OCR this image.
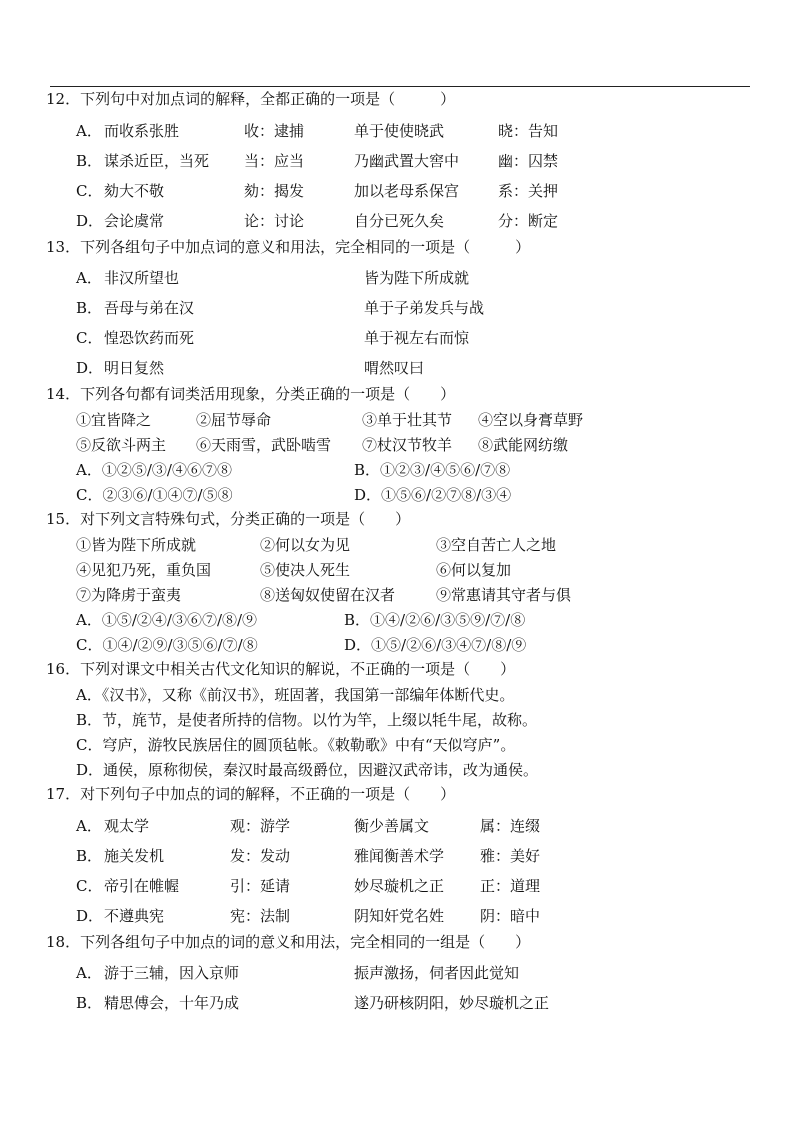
12．下列句中对加点词的解释，全都正确的一项是（　　　）

A． 而收系张胜	收：逮捕	单于使使晓武	晓：告知
B． 谋杀近臣，当死 当：应当	乃幽武置大窖中	幽：囚禁
C． 劾大不敬	劾：揭发	加以老母系保宫	系：关押
D． 会论虞常	论：讨论	自分已死久矣	分：断定

13．下列各组句子中加点词的意义和用法，完全相同的一项是（　　　）

A． 非汉所望也	皆为陛下所成就
B． 吾母与弟在汉	单于子弟发兵与战
C． 惶恐饮药而死	单于视左右而惊
D． 明日复然	喟然叹曰

14．下列各句都有词类活用现象，分类正确的一项是（　　）

①宜皆降之	②屈节辱命	③单于壮其节 ④空以身膏草野
⑤反欲斗两主 ⑥天雨雪，武卧啮雪 ⑦杖汉节牧羊 ⑧武能网纺缴
A．①②⑤/③/④⑥⑦⑧	B．①②③/④⑤⑥/⑦⑧
C．②③⑥/①④⑦/⑤⑧	D．①⑤⑥/②⑦⑧/③④

15．对下列文言特殊句式，分类正确的一项是（　　）

①皆为陛下所成就	②何以女为见	③空自苦亡人之地
④见犯乃死，重负国	⑤使决人死生	⑥何以复加
⑦为降虏于蛮夷	⑧送匈奴使留在汉者	⑨常惠请其守者与俱
A．①⑤/②④/③⑥⑦/⑧/⑨	B．①④/②⑥/③⑤⑨/⑦/⑧
C．①④/②⑨/③⑤⑥/⑦/⑧	D．①⑤/②⑥/③④⑦/⑧/⑨

16．下列对课文中相关古代文化知识的解说，不正确的一项是（　　）

A．《汉书》，又称《前汉书》，班固著，我国第一部编年体断代史。
B．节，旄节，是使者所持的信物。以竹为竿，上缀以牦牛尾，故称。
C．穹庐，游牧民族居住的圆顶毡帐。《敕勒歌》中有“天似穹庐”。
D．通侯，原称彻侯，秦汉时最高级爵位，因避汉武帝讳，改为通侯。

17．对下列句子中加点的词的解释，不正确的一项是（　　）

A． 观太学	观：游学	衡少善属文	属：连缀
B． 施关发机	发：发动	雅闻衡善术学 雅：美好
C． 帝引在帷幄	引：延请	妙尽璇机之正 正：道理
D． 不遵典宪	宪：法制	阴知奸党名姓 阴：暗中

18．下列各组句子中加点的词的意义和用法，完全相同的一组是（　　）

A． 游于三辅，因入京师	振声激扬，伺者因此觉知
B． 精思傅会，十年乃成	遂乃研核阴阳，妙尽璇机之正
